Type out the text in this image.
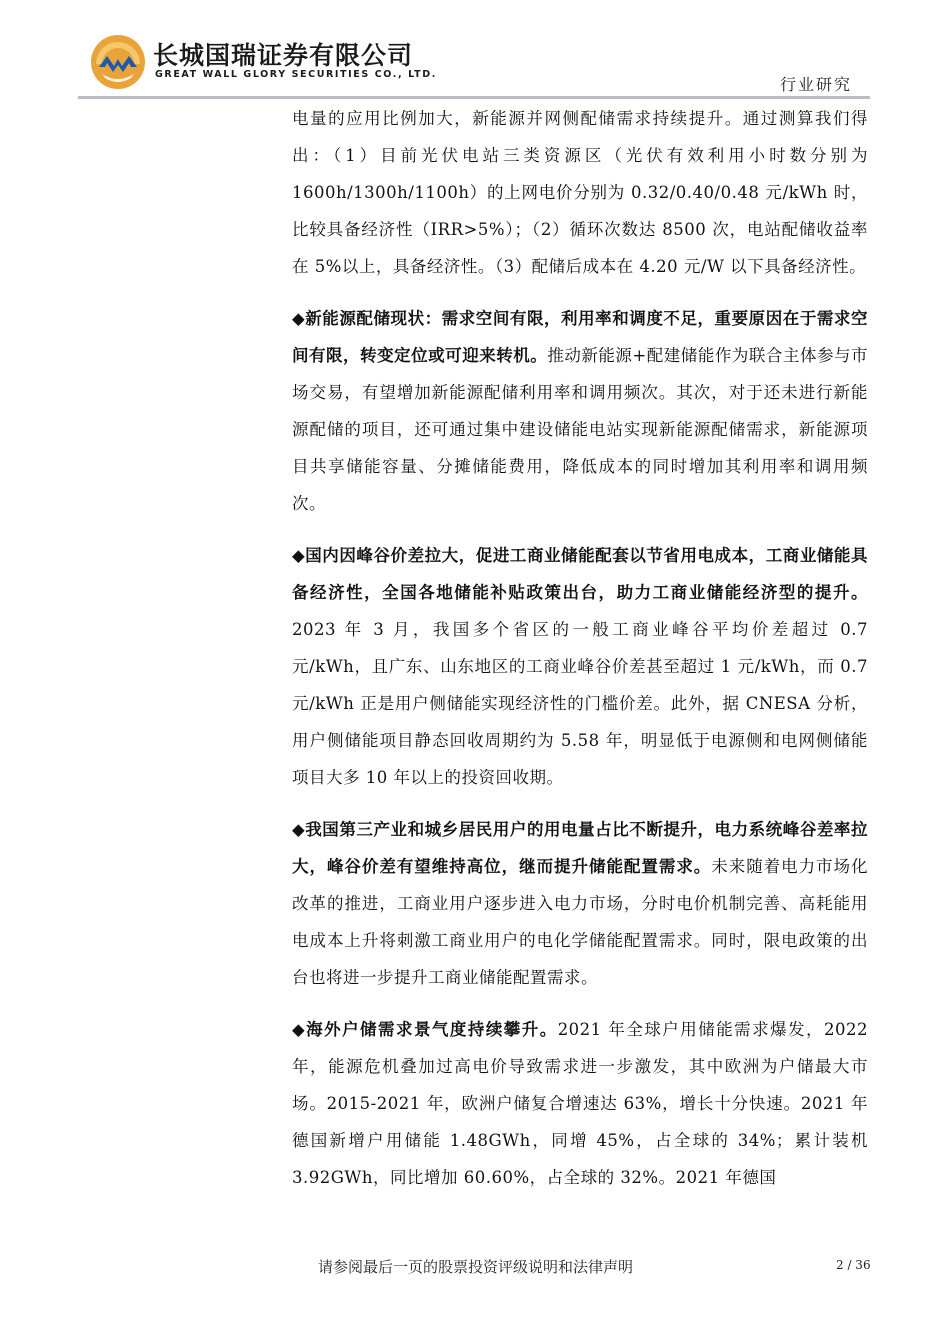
长城国瑞证券有限公司
GREAT WALL GLORY SECURITIES CO., LTD.
行业研究

电量的应用比例加大，新能源并网侧配储需求持续提升。通过测算我们得出：（1）目前光伏电站三类资源区（光伏有效利用小时数分别为1600h/1300h/1100h）的上网电价分别为 0.32/0.40/0.48 元/kWh 时，比较具备经济性（IRR>5%）；（2）循环次数达 8500 次，电站配储收益率在 5%以上，具备经济性。（3）配储后成本在 4.20 元/W 以下具备经济性。

◆新能源配储现状：需求空间有限，利用率和调度不足，重要原因在于需求空间有限，转变定位或可迎来转机。推动新能源+配建储能作为联合主体参与市场交易，有望增加新能源配储利用率和调用频次。其次，对于还未进行新能源配储的项目，还可通过集中建设储能电站实现新能源配储需求，新能源项目共享储能容量、分摊储能费用，降低成本的同时增加其利用率和调用频次。

◆国内因峰谷价差拉大，促进工商业储能配套以节省用电成本，工商业储能具备经济性，全国各地储能补贴政策出台，助力工商业储能经济型的提升。2023 年 3 月，我国多个省区的一般工商业峰谷平均价差超过 0.7 元/kWh，且广东、山东地区的工商业峰谷价差甚至超过 1 元/kWh，而 0.7 元/kWh 正是用户侧储能实现经济性的门槛价差。此外，据 CNESA 分析，用户侧储能项目静态回收周期约为 5.58 年，明显低于电源侧和电网侧储能项目大多 10 年以上的投资回收期。

◆我国第三产业和城乡居民用户的用电量占比不断提升，电力系统峰谷差率拉大，峰谷价差有望维持高位，继而提升储能配置需求。未来随着电力市场化改革的推进，工商业用户逐步进入电力市场，分时电价机制完善、高耗能用电成本上升将刺激工商业用户的电化学储能配置需求。同时，限电政策的出台也将进一步提升工商业储能配置需求。

◆海外户储需求景气度持续攀升。2021 年全球户用储能需求爆发，2022 年，能源危机叠加过高电价导致需求进一步激发，其中欧洲为户储最大市场。2015-2021 年，欧洲户储复合增速达 63%，增长十分快速。2021 年德国新增户用储能 1.48GWh，同增 45%，占全球的 34%；累计装机 3.92GWh，同比增加 60.60%，占全球的 32%。2021 年德国

请参阅最后一页的股票投资评级说明和法律声明	2 / 36
